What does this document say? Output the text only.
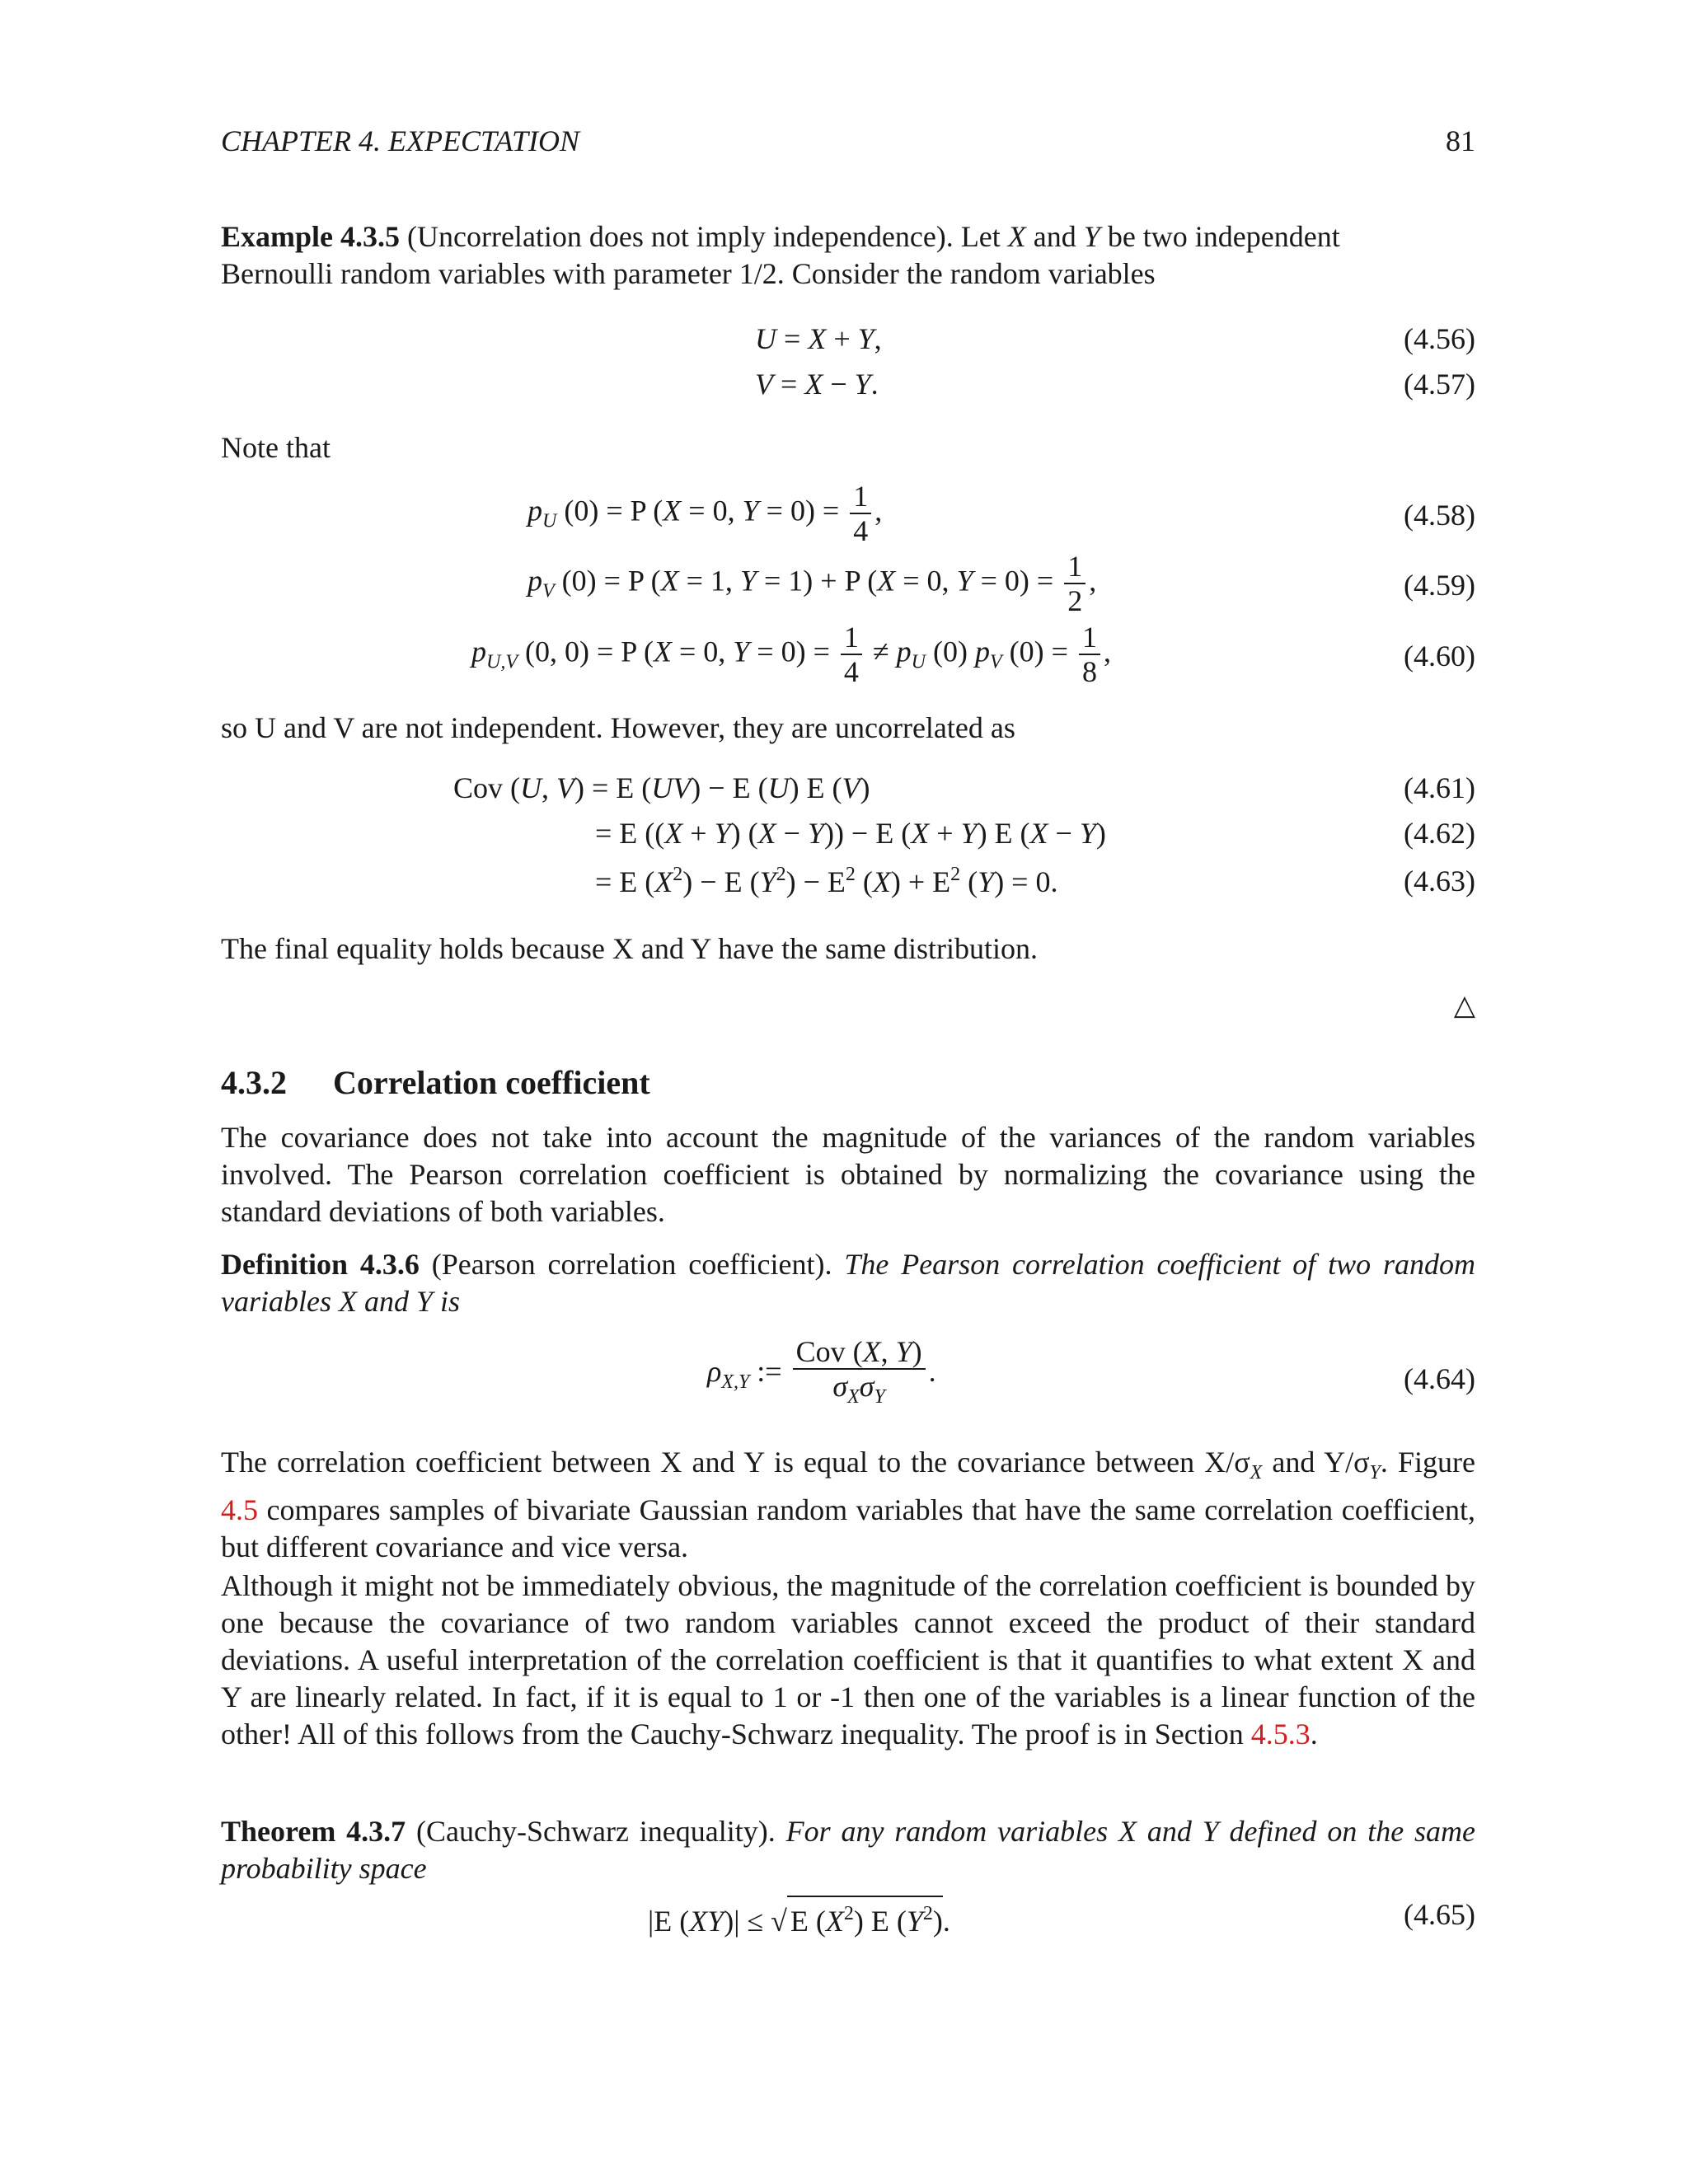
CHAPTER 4. EXPECTATION	81
Example 4.3.5 (Uncorrelation does not imply independence). Let X and Y be two independent
Bernoulli random variables with parameter 1/2. Consider the random variables
U = X + Y,	(4.56)
V = X − Y.	(4.57)
Note that
$p_U$ (0) = P (X = 0, $Y = 0) = \frac{1}{4}$ ,	(4.58)
$p_V$ (0) = P (X = 1, Y = 1) + P (X = 0, $Y = 0) = \frac{1}{2}$ ,	(4.59)
$p_{U,V}$ (0, 0) = P (X = 0, $Y = 0) = \frac{1}{4} \ne p_U$ (0) $p_V$ $(0) = \frac{1}{8}$ ,	(4.60)
so U and V are not independent. However, they are uncorrelated as
Cov (U, V) = E (UV) − E (U) E (V)	(4.61)
= E ((X + Y) (X − Y)) − E (X + Y) E (X − Y)	(4.62)
= E $(X^2) - E$ $(Y^2) - E^2$ $(X) + E^2$ (Y) = 0.	(4.63)
The final equality holds because X and Y have the same distribution.
△
4.3.2 Correlation coefficient
The covariance does not take into account the magnitude of the variances of the random variables involved. The Pearson correlation coefficient is obtained by normalizing the covariance using the standard deviations of both variables.
Definition 4.3.6 (Pearson correlation coefficient). The Pearson correlation coefficient of two random variables X and Y is
$\rho_{X,Y}$ := $\frac{\text{Cov (X, Y)}}{\sigma_X\sigma_Y}$ .	(4.64)
The correlation coefficient between X and Y is equal to the covariance between $X/\sigma_X$ and $Y/\sigma_Y$. Figure 4.5 compares samples of bivariate Gaussian random variables that have the same correlation coefficient, but different covariance and vice versa.
Although it might not be immediately obvious, the magnitude of the correlation coefficient is bounded by one because the covariance of two random variables cannot exceed the product of their standard deviations. A useful interpretation of the correlation coefficient is that it quantifies to what extent X and Y are linearly related. In fact, if it is equal to 1 or -1 then one of the variables is a linear function of the other! All of this follows from the Cauchy-Schwarz inequality. The proof is in Section 4.5.3.
Theorem 4.3.7 (Cauchy-Schwarz inequality). For any random variables X and Y defined on the same probability space
|E (XY)| ≤ √ E $(X^2)$ E $(Y^2)$.	(4.65)
